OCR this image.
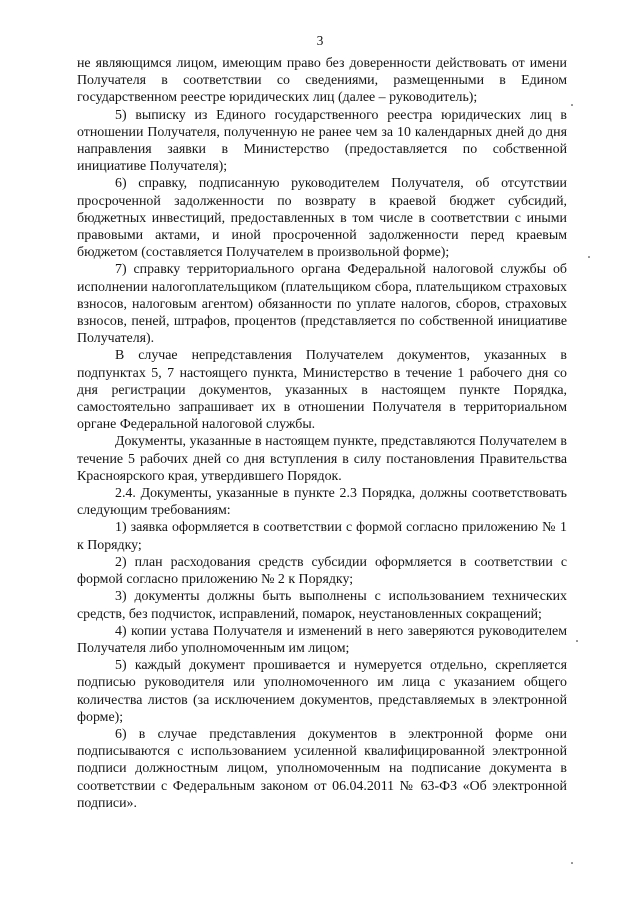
3

не являющимся лицом, имеющим право без доверенности действовать от имени Получателя в соответствии со сведениями, размещенными в Едином государственном реестре юридических лиц (далее – руководитель);

5) выписку из Единого государственного реестра юридических лиц в отношении Получателя, полученную не ранее чем за 10 календарных дней до дня направления заявки в Министерство (предоставляется по собственной инициативе Получателя);

6) справку, подписанную руководителем Получателя, об отсутствии просроченной задолженности по возврату в краевой бюджет субсидий, бюджетных инвестиций, предоставленных в том числе в соответствии с иными правовыми актами, и иной просроченной задолженности перед краевым бюджетом (составляется Получателем в произвольной форме);

7) справку территориального органа Федеральной налоговой службы об исполнении налогоплательщиком (плательщиком сбора, плательщиком страховых взносов, налоговым агентом) обязанности по уплате налогов, сборов, страховых взносов, пеней, штрафов, процентов (представляется по собственной инициативе Получателя).

В случае непредставления Получателем документов, указанных в подпунктах 5, 7 настоящего пункта, Министерство в течение 1 рабочего дня со дня регистрации документов, указанных в настоящем пункте Порядка, самостоятельно запрашивает их в отношении Получателя в территориальном органе Федеральной налоговой службы.

Документы, указанные в настоящем пункте, представляются Получателем в течение 5 рабочих дней со дня вступления в силу постановления Правительства Красноярского края, утвердившего Порядок.

2.4. Документы, указанные в пункте 2.3 Порядка, должны соответствовать следующим требованиям:

1) заявка оформляется в соответствии с формой согласно приложению № 1 к Порядку;

2) план расходования средств субсидии оформляется в соответствии с формой согласно приложению № 2 к Порядку;

3) документы должны быть выполнены с использованием технических средств, без подчисток, исправлений, помарок, неустановленных сокращений;

4) копии устава Получателя и изменений в него заверяются руководителем Получателя либо уполномоченным им лицом;

5) каждый документ прошивается и нумеруется отдельно, скрепляется подписью руководителя или уполномоченного им лица с указанием общего количества листов (за исключением документов, представляемых в электронной форме);

6) в случае представления документов в электронной форме они подписываются с использованием усиленной квалифицированной электронной подписи должностным лицом, уполномоченным на подписание документа в соответствии с Федеральным законом от 06.04.2011 № 63-ФЗ «Об электронной подписи».
